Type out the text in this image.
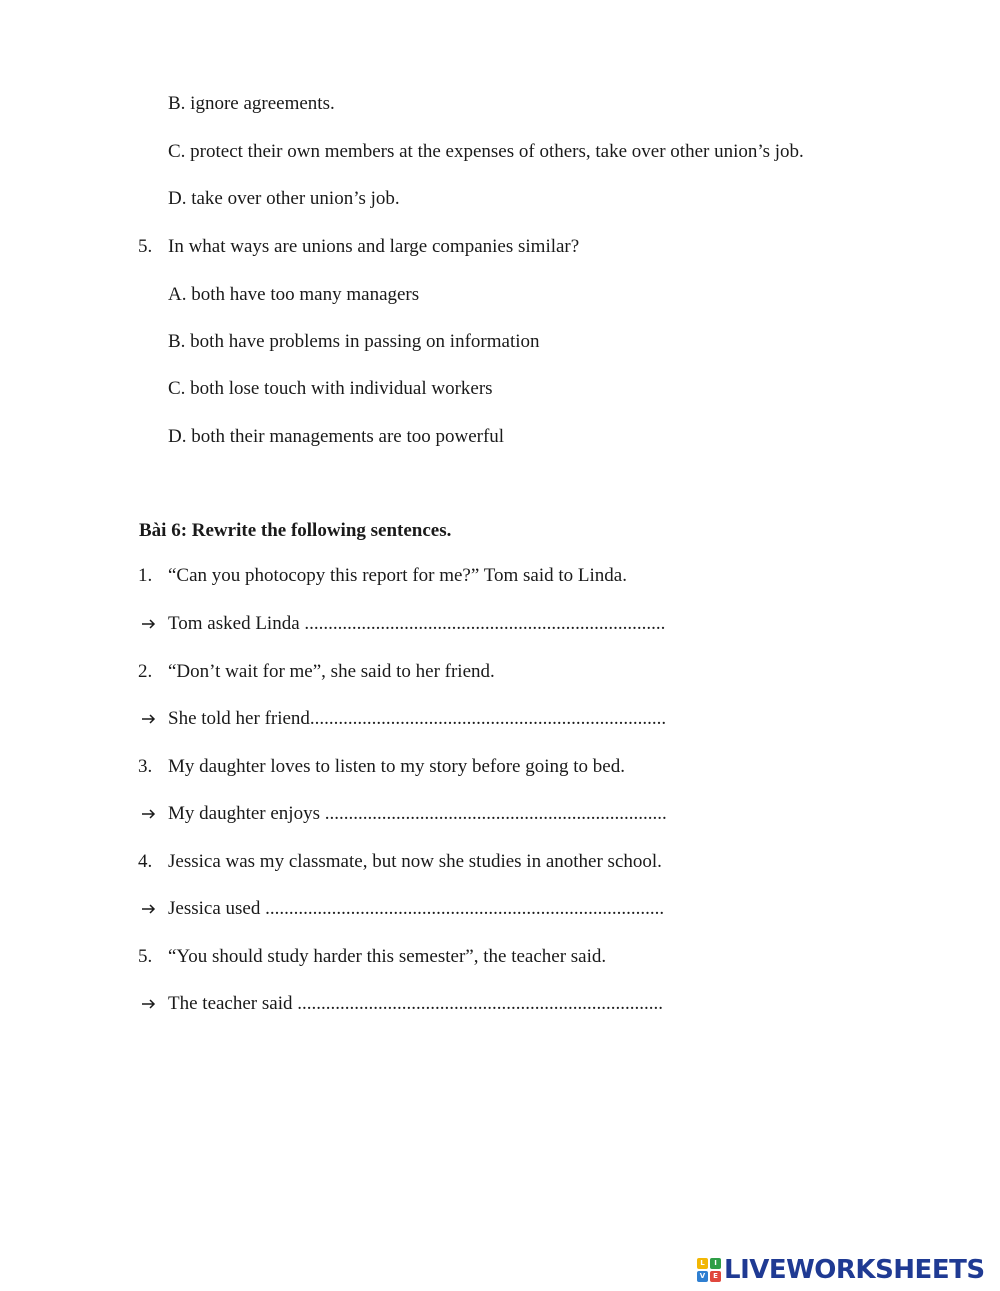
B. ignore agreements.
C. protect their own members at the expenses of others, take over other union’s job.
D. take over other union’s job.
5. In what ways are unions and large companies similar?
A. both have too many managers
B. both have problems in passing on information
C. both lose touch with individual workers
D. both their managements are too powerful
Bài 6: Rewrite the following sentences.
1. “Can you photocopy this report for me?” Tom said to Linda.
Tom asked Linda ............................................................................
2. “Don’t wait for me”, she said to her friend.
She told her friend...........................................................................
3. My daughter loves to listen to my story before going to bed.
My daughter enjoys ........................................................................
4. Jessica was my classmate, but now she studies in another school.
Jessica used ....................................................................................
5. “You should study harder this semester”, the teacher said.
The teacher said .............................................................................
L	I
V	E LIVEWORKSHEETS
